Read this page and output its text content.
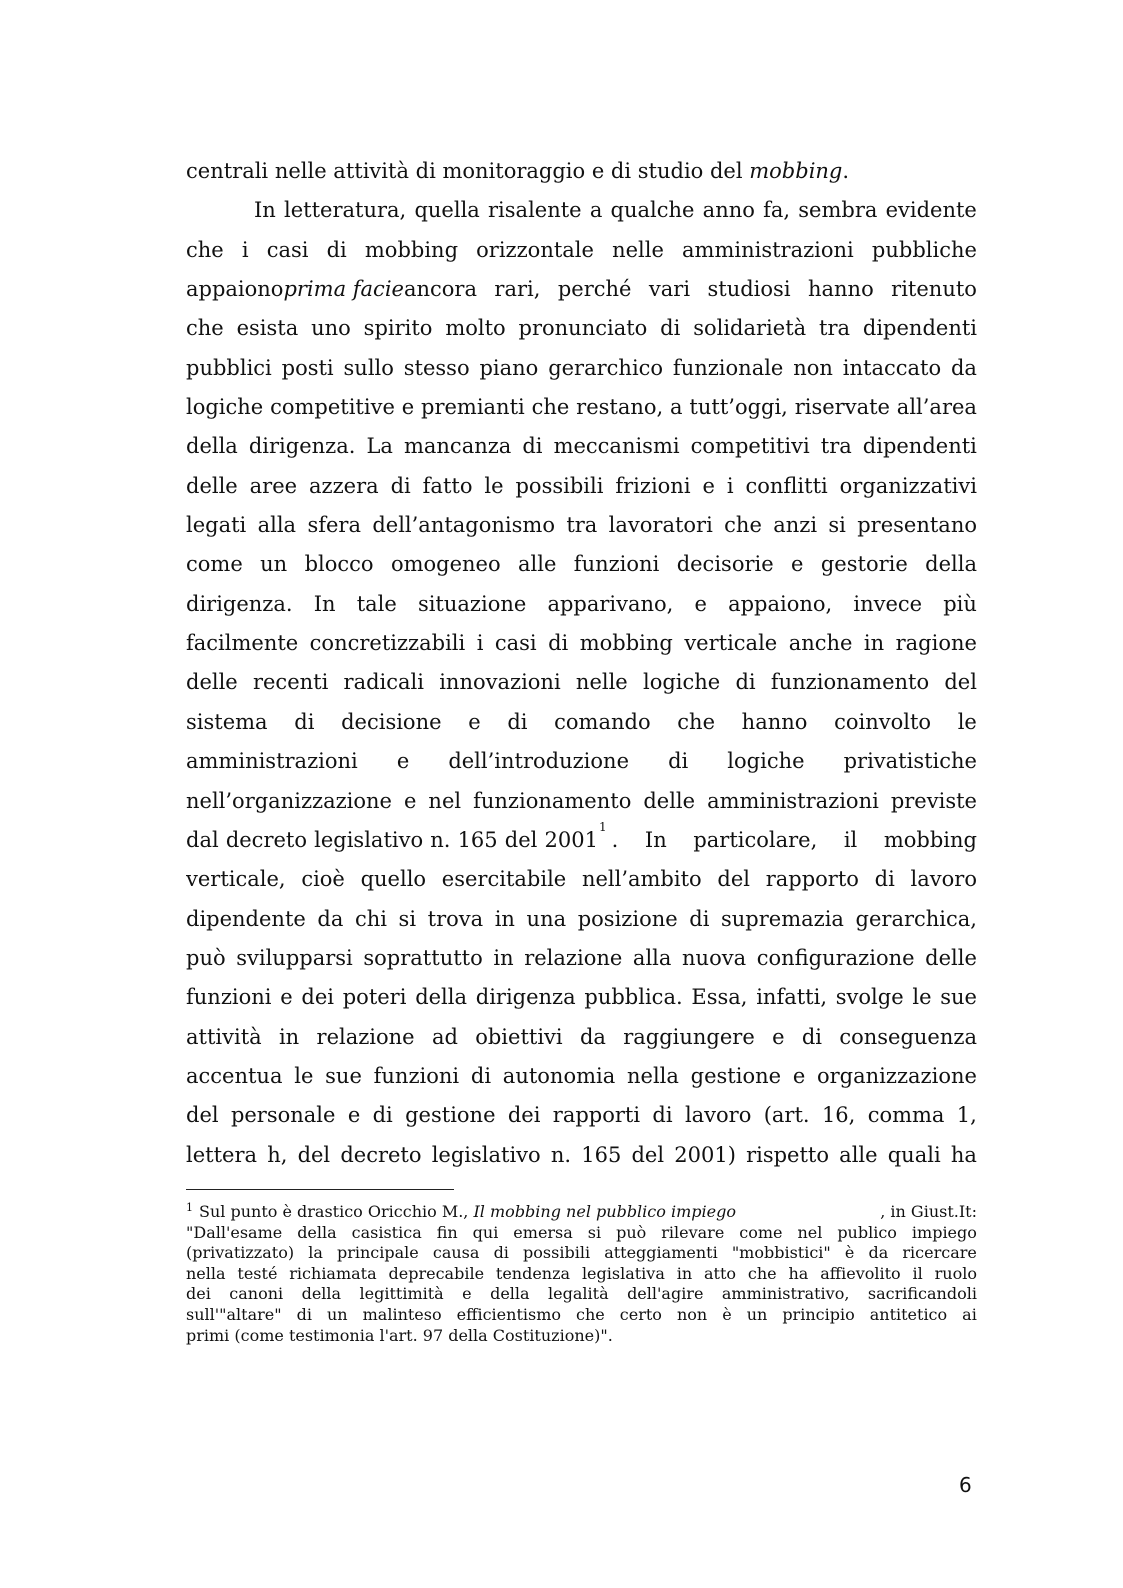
centrali nelle attività di monitoraggio e di studio del mobbing.
In letteratura, quella risalente a qualche anno fa, sembra evidente
che i casi di mobbing orizzontale nelle amministrazioni pubbliche
appaiono prima facie ancora rari, perché vari studiosi hanno ritenuto
che esista uno spirito molto pronunciato di solidarietà tra dipendenti
pubblici posti sullo stesso piano gerarchico funzionale non intaccato da
logiche competitive e premianti che restano, a tutt’oggi, riservate all’area
della dirigenza. La mancanza di meccanismi competitivi tra dipendenti
delle aree azzera di fatto le possibili frizioni e i conflitti organizzativi
legati alla sfera dell’antagonismo tra lavoratori che anzi si presentano
come un blocco omogeneo alle funzioni decisorie e gestorie della
dirigenza. In tale situazione apparivano, e appaiono, invece più
facilmente concretizzabili i casi di mobbing verticale anche in ragione
delle recenti radicali innovazioni nelle logiche di funzionamento del
sistema di decisione e di comando che hanno coinvolto le
amministrazioni e dell’introduzione di logiche privatistiche
nell’organizzazione e nel funzionamento delle amministrazioni previste
dal decreto legislativo n. 165 del 2001
1
. In particolare, il mobbing
verticale, cioè quello esercitabile nell’ambito del rapporto di lavoro
dipendente da chi si trova in una posizione di supremazia gerarchica,
può svilupparsi soprattutto in relazione alla nuova configurazione delle
funzioni e dei poteri della dirigenza pubblica. Essa, infatti, svolge le sue
attività in relazione ad obiettivi da raggiungere e di conseguenza
accentua le sue funzioni di autonomia nella gestione e organizzazione
del personale e di gestione dei rapporti di lavoro (art. 16, comma 1,
lettera h, del decreto legislativo n. 165 del 2001) rispetto alle quali ha
1 Sul punto è drastico Oricchio M., Il mobbing nel pubblico impiego	, in Giust.It:
"Dall'esame della casistica fin qui emersa si può rilevare come nel publico impiego
(privatizzato) la principale causa di possibili atteggiamenti "mobbistici" è da ricercare
nella testé richiamata deprecabile tendenza legislativa in atto che ha affievolito il ruolo
dei canoni della legittimità e della legalità dell'agire amministrativo, sacrificandoli
sull'"altare" di un malinteso efficientismo che certo non è un principio antitetico ai
primi (come testimonia l'art. 97 della Costituzione)".
6
